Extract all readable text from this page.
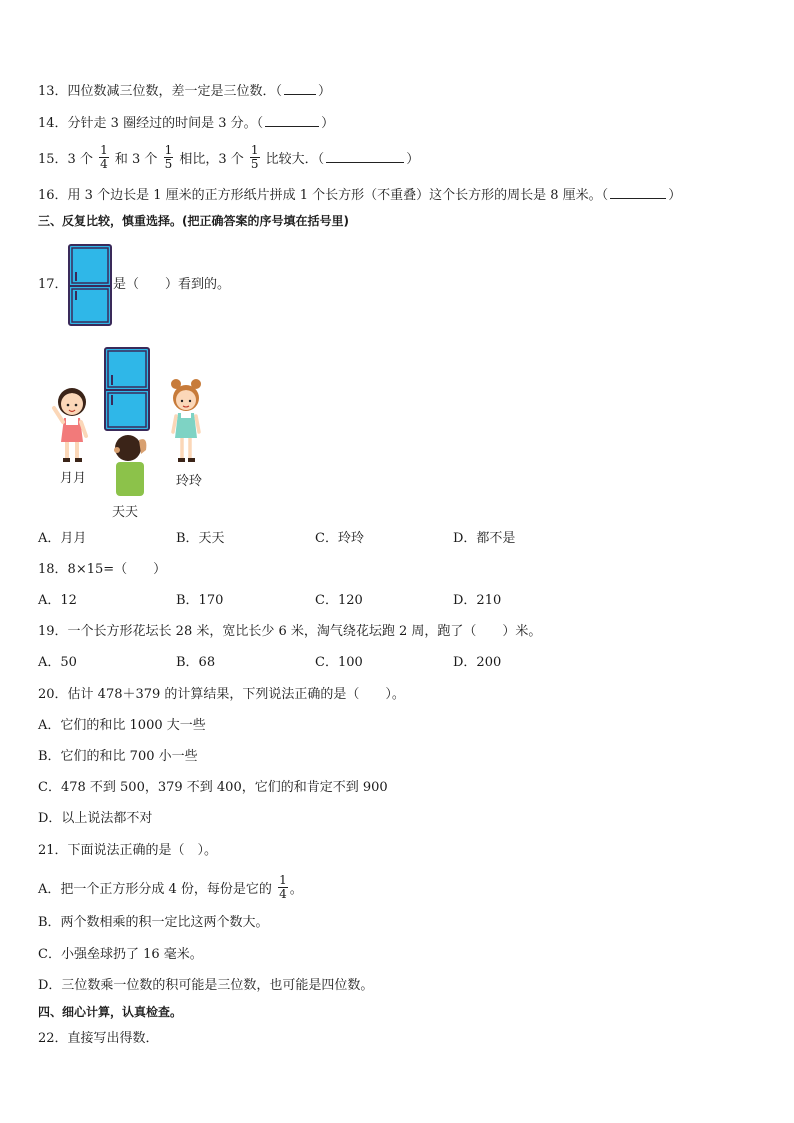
13．四位数减三位数，差一定是三位数．（	）
14．分针走 3 圈经过的时间是 3 分。（	）
15．3 个 $\frac{1}{4}$ 和 3 个 $\frac{1}{5}$ 相比，3 个 $\frac{1}{5}$ 比较大．（	）
16．用 3 个边长是 1 厘米的正方形纸片拼成 1 个长方形（不重叠）这个长方形的周长是 8 厘米。（	）
三、反复比较，慎重选择。(把正确答案的序号填在括号里)
17．	是（　　）看到的。
月月
天天
玲玲
A．月月	B．天天	C．玲玲	D．都不是
18．8×15=（　　）
A．12	B．170	C．120	D．210
19．一个长方形花坛长 28 米，宽比长少 6 米，淘气绕花坛跑 2 周，跑了（　　）米。
A．50	B．68	C．100	D．200
20．估计 478＋379 的计算结果，下列说法正确的是（　　）。
A．它们的和比 1000 大一些
B．它们的和比 700 小一些
C．478 不到 500，379 不到 400，它们的和肯定不到 900
D．以上说法都不对
21．下面说法正确的是（　）。
A．把一个正方形分成 4 份，每份是它的 $\frac{1}{4}$ 。
B．两个数相乘的积一定比这两个数大。
C．小强垒球扔了 16 毫米。
D．三位数乘一位数的积可能是三位数，也可能是四位数。
四、细心计算，认真检查。
22．直接写出得数．
